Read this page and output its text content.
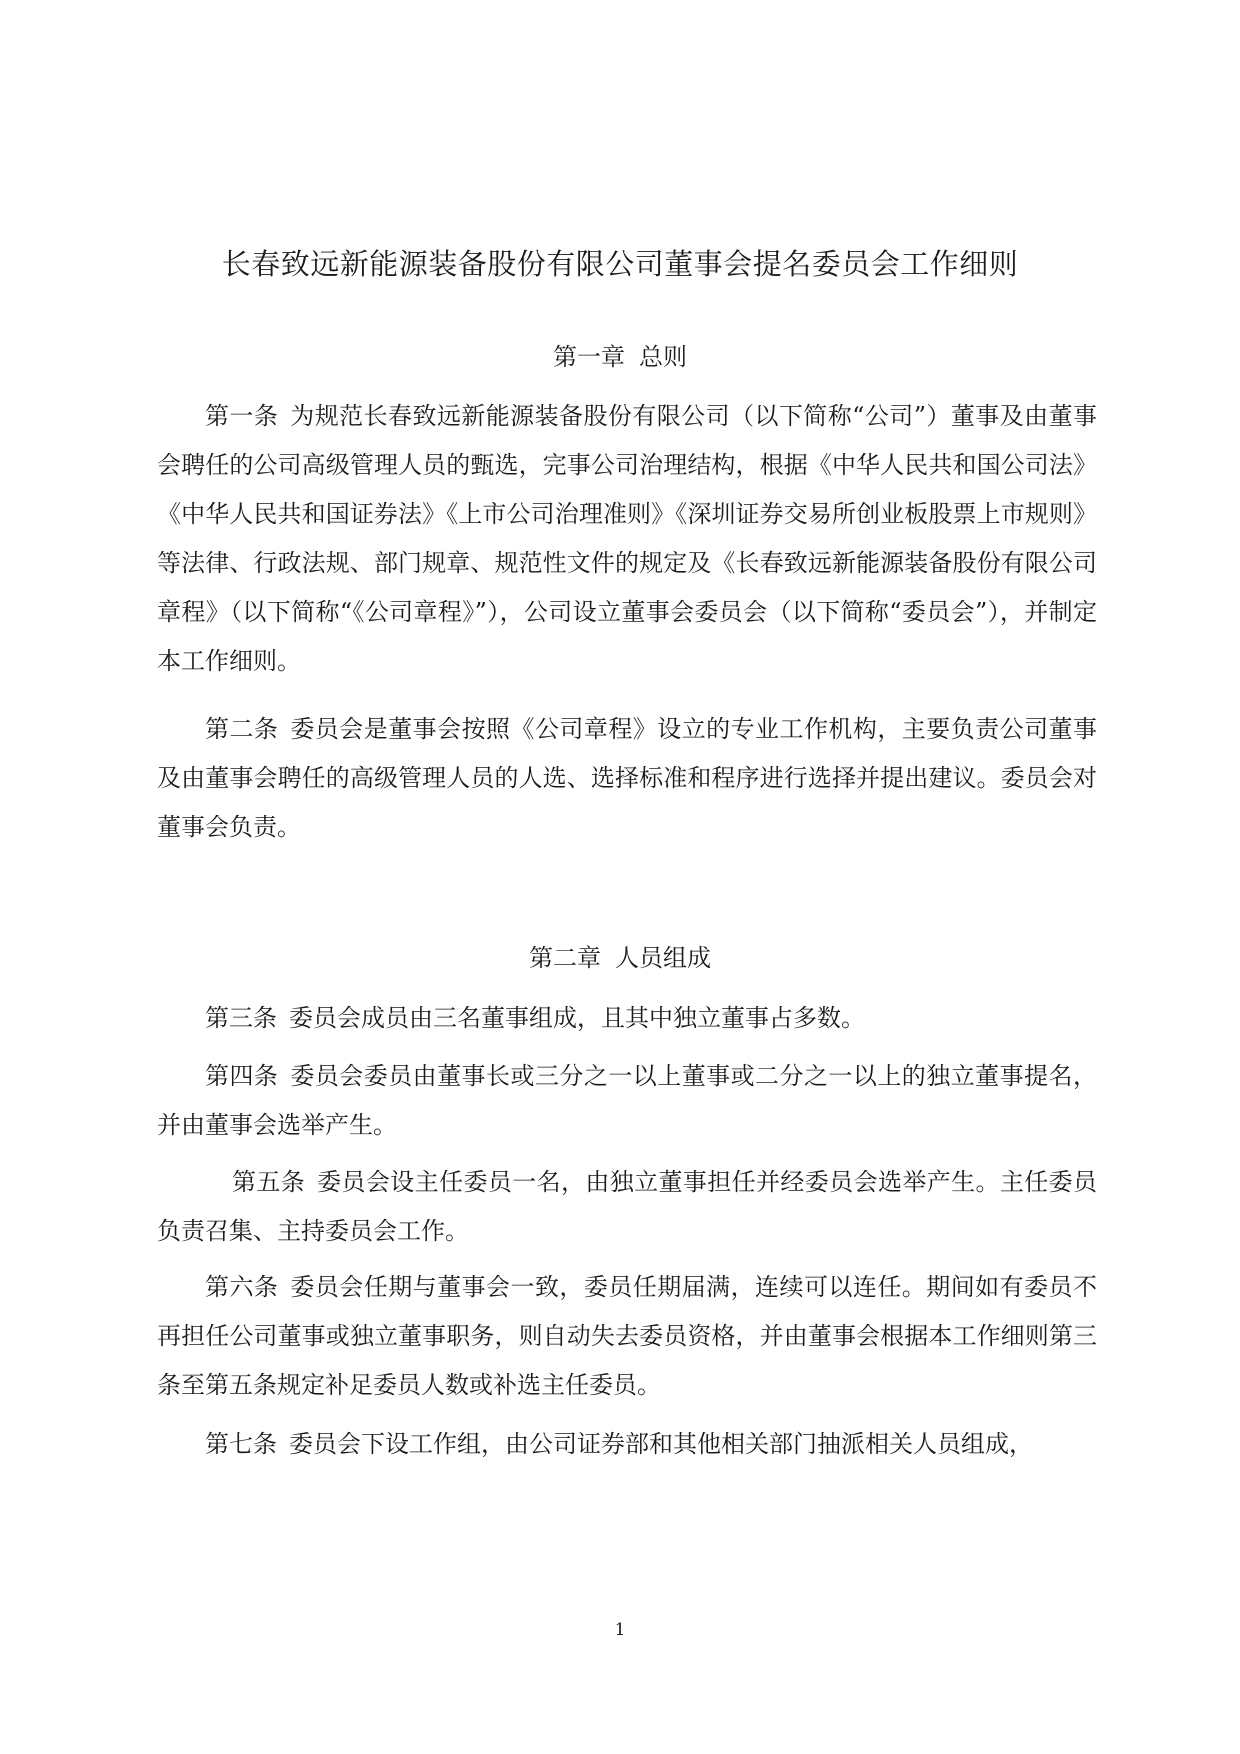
长春致远新能源装备股份有限公司董事会提名委员会工作细则
第一章 总则

第一条 为规范长春致远新能源装备股份有限公司（以下简称“公司”）董事及由董事会聘任的公司高级管理人员的甄选，完事公司治理结构，根据《中华人民共和国公司法》《中华人民共和国证券法》《上市公司治理准则》《深圳证券交易所创业板股票上市规则》等法律、行政法规、部门规章、规范性文件的规定及《长春致远新能源装备股份有限公司章程》（以下简称“《公司章程》”），公司设立董事会委员会（以下简称“委员会”），并制定本工作细则。

第二条 委员会是董事会按照《公司章程》设立的专业工作机构，主要负责公司董事及由董事会聘任的高级管理人员的人选、选择标准和程序进行选择并提出建议。委员会对董事会负责。

第二章 人员组成

第三条 委员会成员由三名董事组成，且其中独立董事占多数。

第四条 委员会委员由董事长或三分之一以上董事或二分之一以上的独立董事提名，并由董事会选举产生。

第五条 委员会设主任委员一名，由独立董事担任并经委员会选举产生。主任委员负责召集、主持委员会工作。

第六条 委员会任期与董事会一致，委员任期届满，连续可以连任。期间如有委员不再担任公司董事或独立董事职务，则自动失去委员资格，并由董事会根据本工作细则第三条至第五条规定补足委员人数或补选主任委员。

第七条 委员会下设工作组，由公司证券部和其他相关部门抽派相关人员组成，

1
